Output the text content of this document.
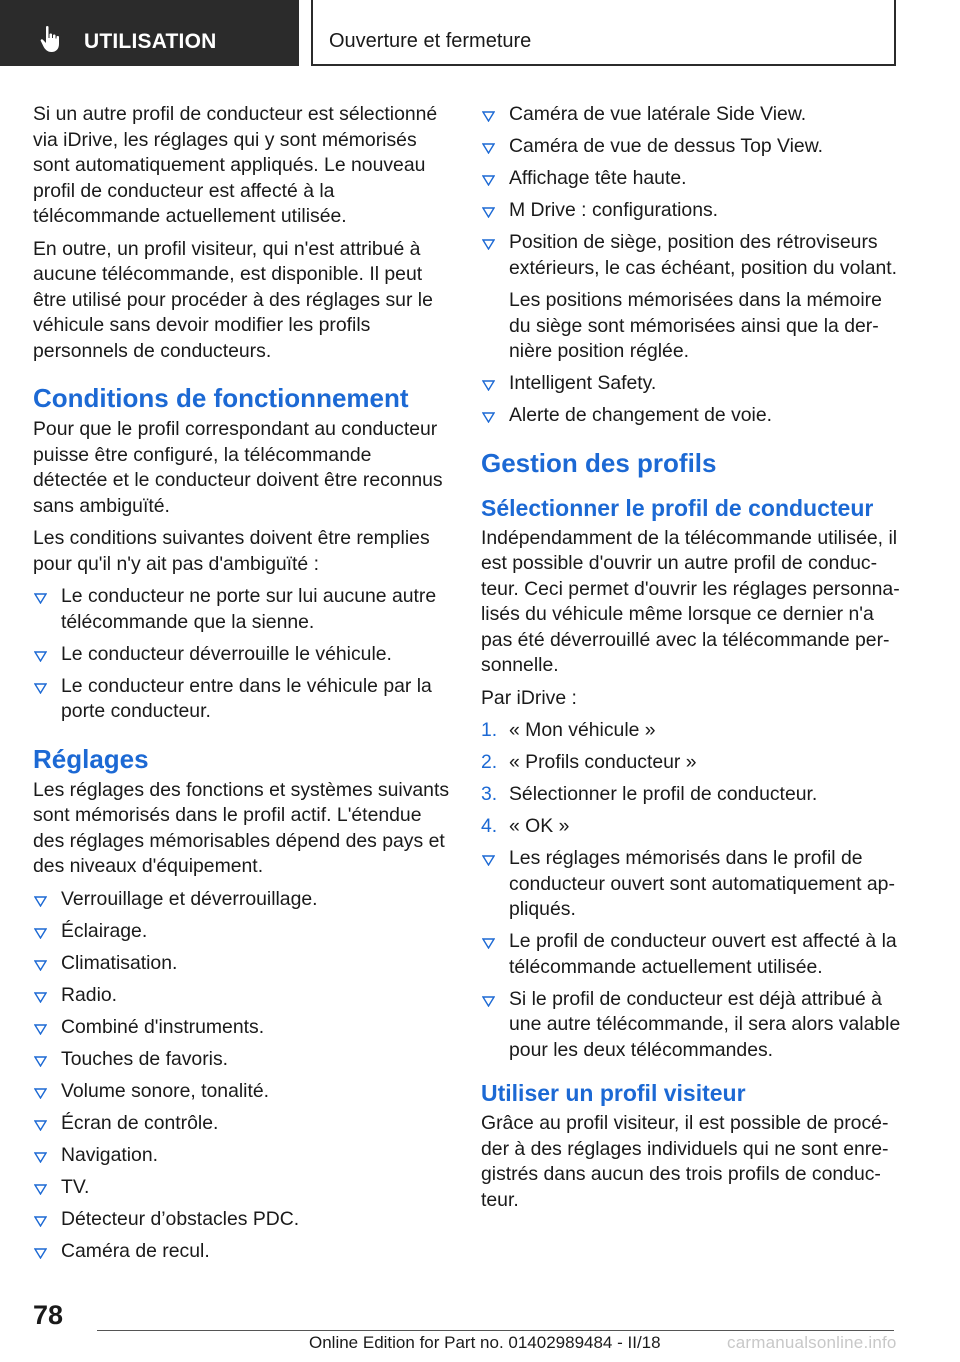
UTILISATION	Ouverture et fermeture

Si un autre profil de conducteur est sélectionné via iDrive, les réglages qui y sont mémorisés sont automatiquement appliqués. Le nouveau profil de conducteur est affecté à la télécommande actuellement utilisée.

En outre, un profil visiteur, qui n'est attribué à aucune télécommande, est disponible. Il peut être utilisé pour procéder à des réglages sur le véhicule sans devoir modifier les profils personnels de conducteurs.

Conditions de fonctionnement

Pour que le profil correspondant au conducteur puisse être configuré, la télécommande détectée et le conducteur doivent être reconnus sans ambiguïté.

Les conditions suivantes doivent être remplies pour qu'il n'y ait pas d'ambiguïté :

Le conducteur ne porte sur lui aucune autre télécommande que la sienne.
Le conducteur déverrouille le véhicule.
Le conducteur entre dans le véhicule par la porte conducteur.
Réglages

Les réglages des fonctions et systèmes suivants sont mémorisés dans le profil actif. L'étendue des réglages mémorisables dépend des pays et des niveaux d'équipement.

Verrouillage et déverrouillage.
Éclairage.
Climatisation.
Radio.
Combiné d'instruments.
Touches de favoris.
Volume sonore, tonalité.
Écran de contrôle.
Navigation.
TV.
Détecteur d’obstacles PDC.
Caméra de recul.
Caméra de vue latérale Side View.
Caméra de vue de dessus Top View.
Affichage tête haute.
M Drive : configurations.
Position de siège, position des rétroviseurs extérieurs, le cas échéant, position du volant.

Les positions mémorisées dans la mémoire du siège sont mémorisées ainsi que la dernière position réglée.

Intelligent Safety.
Alerte de changement de voie.
Gestion des profils
Sélectionner le profil de conducteur

Indépendamment de la télécommande utilisée, il est possible d'ouvrir un autre profil de conducteur. Ceci permet d'ouvrir les réglages personnalisés du véhicule même lorsque ce dernier n'a pas été déverrouillé avec la télécommande personnelle.

Par iDrive :

1. « Mon véhicule »
2. « Profils conducteur »
3. Sélectionner le profil de conducteur.
4. « OK »
Les réglages mémorisés dans le profil de conducteur ouvert sont automatiquement appliqués.
Le profil de conducteur ouvert est affecté à la télécommande actuellement utilisée.
Si le profil de conducteur est déjà attribué à une autre télécommande, il sera alors valable pour les deux télécommandes.
Utiliser un profil visiteur

Grâce au profil visiteur, il est possible de procéder à des réglages individuels qui ne sont enregistrés dans aucun des trois profils de conducteur.

78
Online Edition for Part no. 01402989484 - II/18	carmanualsonline.info
